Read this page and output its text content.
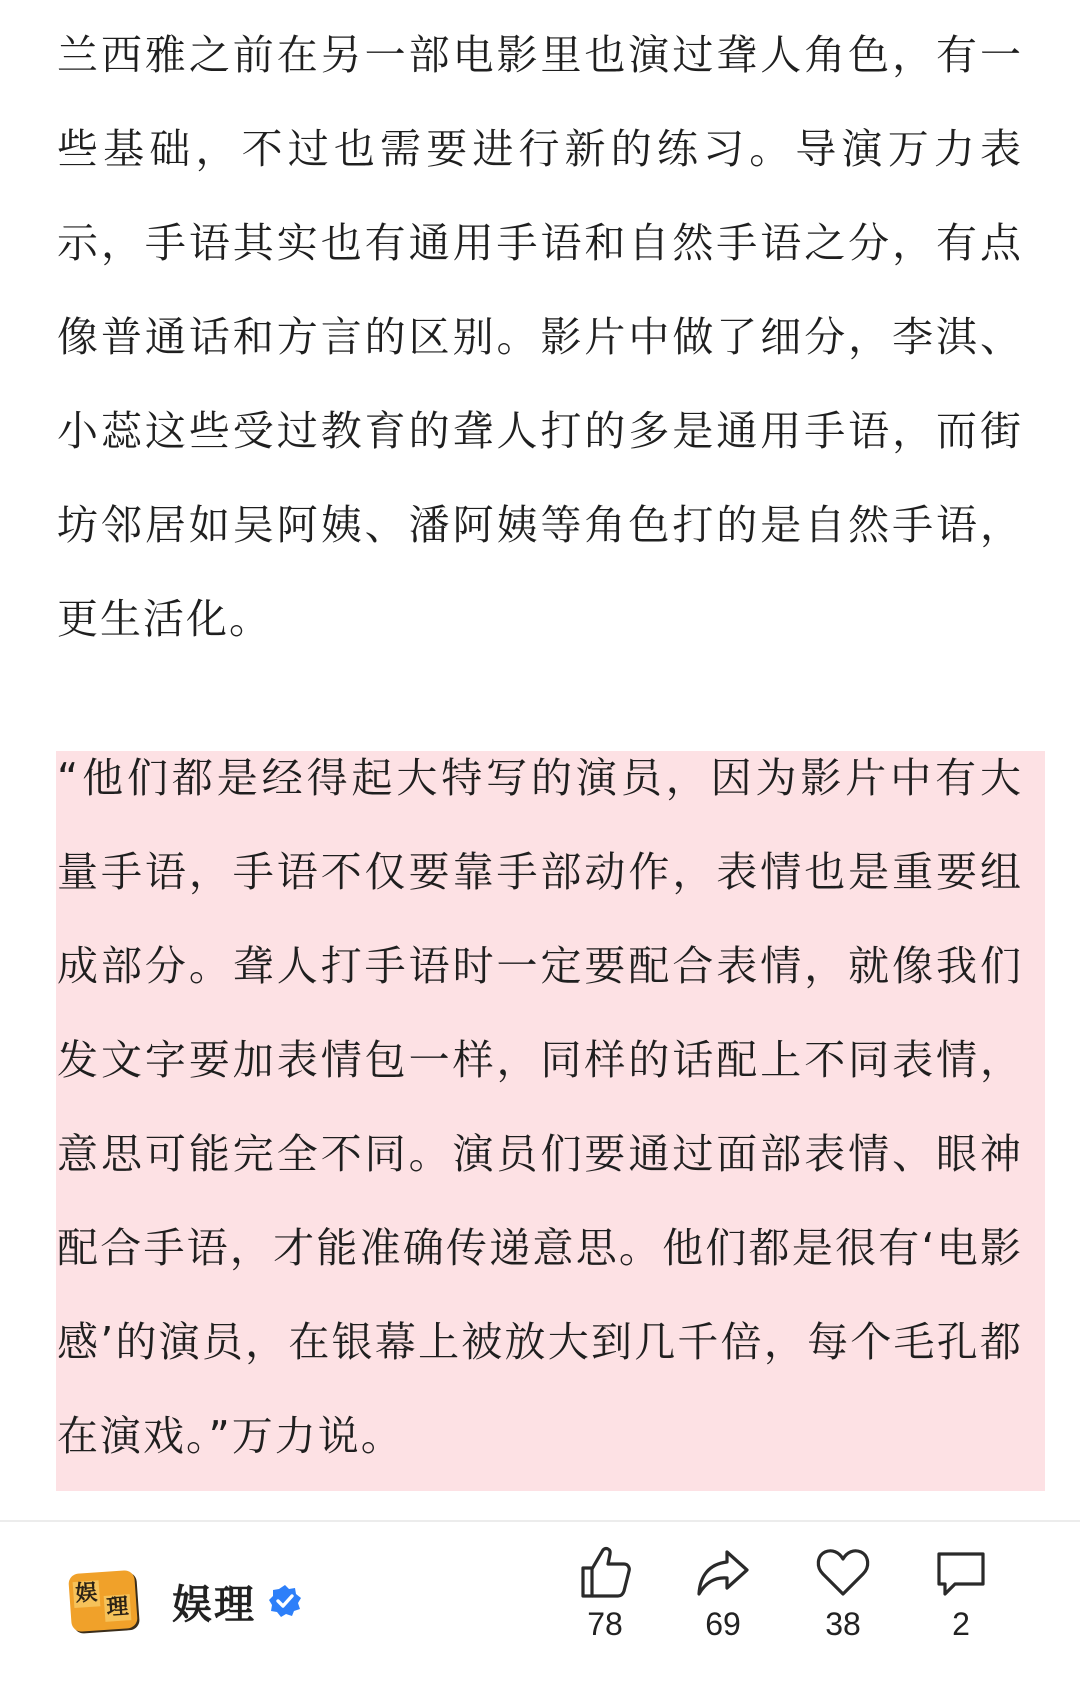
兰西雅之前在另一部电影里也演过聋人角色，有一些基础，不过也需要进行新的练习。导演万力表示，手语其实也有通用手语和自然手语之分，有点像普通话和方言的区别。影片中做了细分，李淇、小蕊这些受过教育的聋人打的多是通用手语，而街坊邻居如吴阿姨、潘阿姨等角色打的是自然手语，更生活化。

“他们都是经得起大特写的演员，因为影片中有大量手语，手语不仅要靠手部动作，表情也是重要组成部分。聋人打手语时一定要配合表情，就像我们发文字要加表情包一样，同样的话配上不同表情，意思可能完全不同。演员们要通过面部表情、眼神配合手语，才能准确传递意思。他们都是很有‘电影感’的演员，在银幕上被放大到几千倍，每个毛孔都在演戏。”万力说。

娱
理 娱理	78	69	38	2
